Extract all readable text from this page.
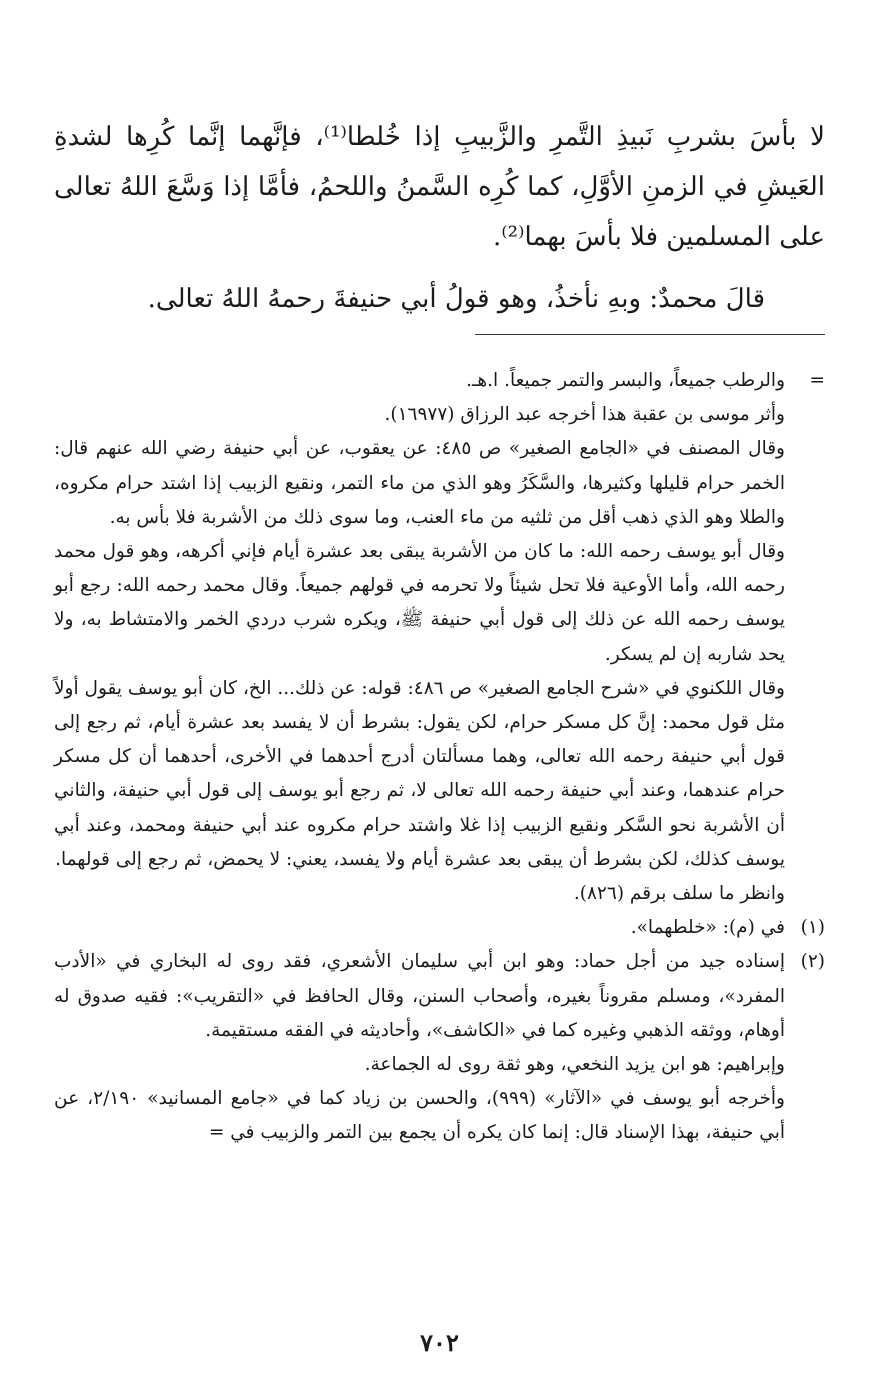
لا بأسَ بشربِ نَبيذِ التَّمرِ والزَّبيبِ إذا خُلطا⁽¹⁾، فإنَّهما إنَّما كُرِها لشدةِ العَيشِ في الزمنِ الأوَّلِ، كما كُرِه السَّمنُ واللحمُ، فأمَّا إذا وَسَّعَ اللهُ تعالى على المسلمين فلا بأسَ بهما⁽²⁾.

قالَ محمدٌ: وبهِ نأخذُ، وهو قولُ أبي حنيفةَ رحمهُ اللهُ تعالى.

=

والرطب جميعاً، والبسر والتمر جميعاً. ا.هـ.

وأثر موسى بن عقبة هذا أخرجه عبد الرزاق (١٦٩٧٧).

وقال المصنف في «الجامع الصغير» ص ٤٨٥: عن يعقوب، عن أبي حنيفة رضي الله عنهم قال: الخمر حرام قليلها وكثيرها، والسَّكَرُ وهو الذي من ماء التمر، ونقيع الزبيب إذا اشتد حرام مكروه، والطلا وهو الذي ذهب أقل من ثلثيه من ماء العنب، وما سوى ذلك من الأشربة فلا بأس به.

وقال أبو يوسف رحمه الله: ما كان من الأشربة يبقى بعد عشرة أيام فإني أكرهه، وهو قول محمد رحمه الله، وأما الأوعية فلا تحل شيئاً ولا تحرمه في قولهم جميعاً. وقال محمد رحمه الله: رجع أبو يوسف رحمه الله عن ذلك إلى قول أبي حنيفة ﷺ، ويكره شرب دردي الخمر والامتشاط به، ولا يحد شاربه إن لم يسكر.

وقال اللكنوي في «شرح الجامع الصغير» ص ٤٨٦: قوله: عن ذلك... الخ، كان أبو يوسف يقول أولاً مثل قول محمد: إنَّ كل مسكر حرام، لكن يقول: بشرط أن لا يفسد بعد عشرة أيام، ثم رجع إلى قول أبي حنيفة رحمه الله تعالى، وهما مسألتان أدرج أحدهما في الأخرى، أحدهما أن كل مسكر حرام عندهما، وعند أبي حنيفة رحمه الله تعالى لا، ثم رجع أبو يوسف إلى قول أبي حنيفة، والثاني أن الأشربة نحو السَّكر ونقيع الزبيب إذا غلا واشتد حرام مكروه عند أبي حنيفة ومحمد، وعند أبي يوسف كذلك، لكن بشرط أن يبقى بعد عشرة أيام ولا يفسد، يعني: لا يحمض، ثم رجع إلى قولهما.

وانظر ما سلف برقم (٨٢٦).

(١)

في (م): «خلطهما».

(٢)

إسناده جيد من أجل حماد: وهو ابن أبي سليمان الأشعري، فقد روى له البخاري في «الأدب المفرد»، ومسلم مقروناً بغيره، وأصحاب السنن، وقال الحافظ في «التقريب»: فقيه صدوق له أوهام، ووثقه الذهبي وغيره كما في «الكاشف»، وأحاديثه في الفقه مستقيمة.

وإبراهيم: هو ابن يزيد النخعي، وهو ثقة روى له الجماعة.

وأخرجه أبو يوسف في «الآثار» (٩٩٩)، والحسن بن زياد كما في «جامع المسانيد» ٢/١٩٠، عن أبي حنيفة، بهذا الإسناد قال: إنما كان يكره أن يجمع بين التمر والزبيب في =

٧٠٢
